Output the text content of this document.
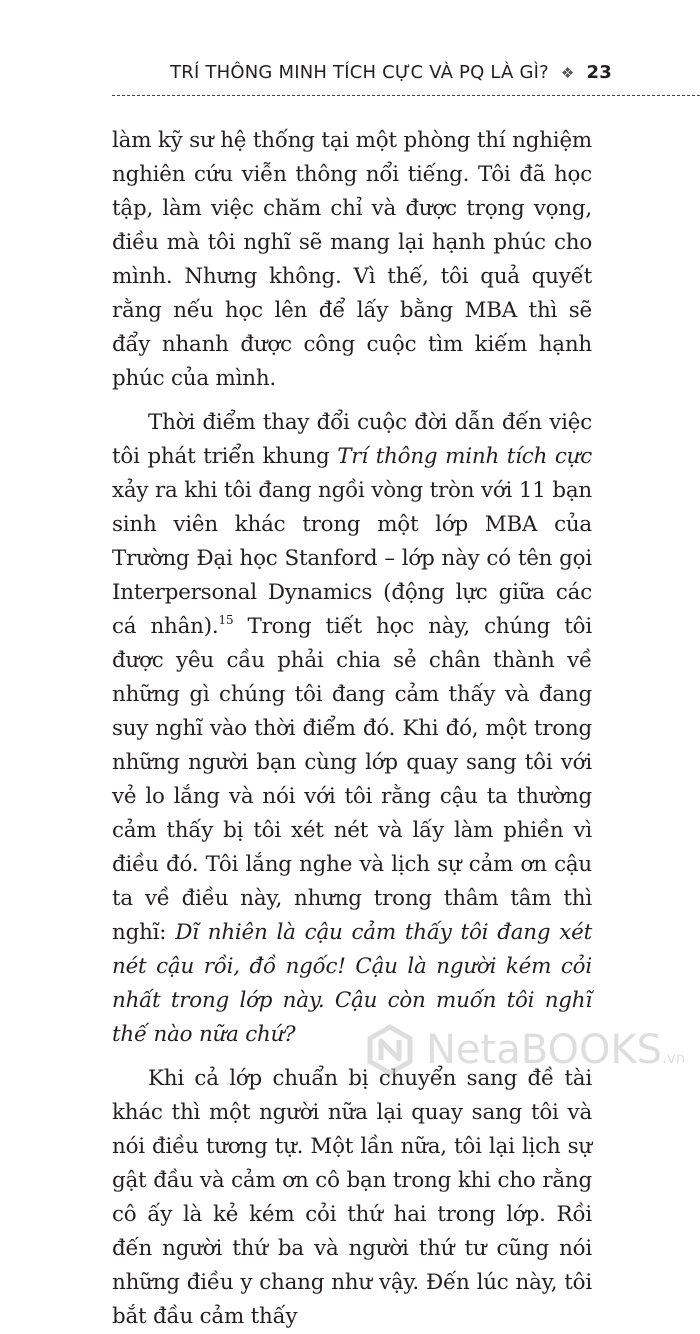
TRÍ THÔNG MINH TÍCH CỰC VÀ PQ LÀ GÌ? ❖ 23

làm kỹ sư hệ thống tại một phòng thí nghiệm nghiên cứu viễn thông nổi tiếng. Tôi đã học tập, làm việc chăm chỉ và được trọng vọng, điều mà tôi nghĩ sẽ mang lại hạnh phúc cho mình. Nhưng không. Vì thế, tôi quả quyết rằng nếu học lên để lấy bằng MBA thì sẽ đẩy nhanh được công cuộc tìm kiếm hạnh phúc của mình.

Thời điểm thay đổi cuộc đời dẫn đến việc tôi phát triển khung Trí thông minh tích cực xảy ra khi tôi đang ngồi vòng tròn với 11 bạn sinh viên khác trong một lớp MBA của Trường Đại học Stanford – lớp này có tên gọi Interpersonal Dynamics (động lực giữa các cá nhân).$^{15}$ Trong tiết học này, chúng tôi được yêu cầu phải chia sẻ chân thành về những gì chúng tôi đang cảm thấy và đang suy nghĩ vào thời điểm đó. Khi đó, một trong những người bạn cùng lớp quay sang tôi với vẻ lo lắng và nói với tôi rằng cậu ta thường cảm thấy bị tôi xét nét và lấy làm phiền vì điều đó. Tôi lắng nghe và lịch sự cảm ơn cậu ta về điều này, nhưng trong thâm tâm thì nghĩ: Dĩ nhiên là cậu cảm thấy tôi đang xét nét cậu rồi, đồ ngốc! Cậu là người kém cỏi nhất trong lớp này. Cậu còn muốn tôi nghĩ thế nào nữa chứ?

Khi cả lớp chuẩn bị chuyển sang đề tài khác thì một người nữa lại quay sang tôi và nói điều tương tự. Một lần nữa, tôi lại lịch sự gật đầu và cảm ơn cô bạn trong khi cho rằng cô ấy là kẻ kém cỏi thứ hai trong lớp. Rồi đến người thứ ba và người thứ tư cũng nói những điều y chang như vậy. Đến lúc này, tôi bắt đầu cảm thấy

NetaBOOKS.vn
